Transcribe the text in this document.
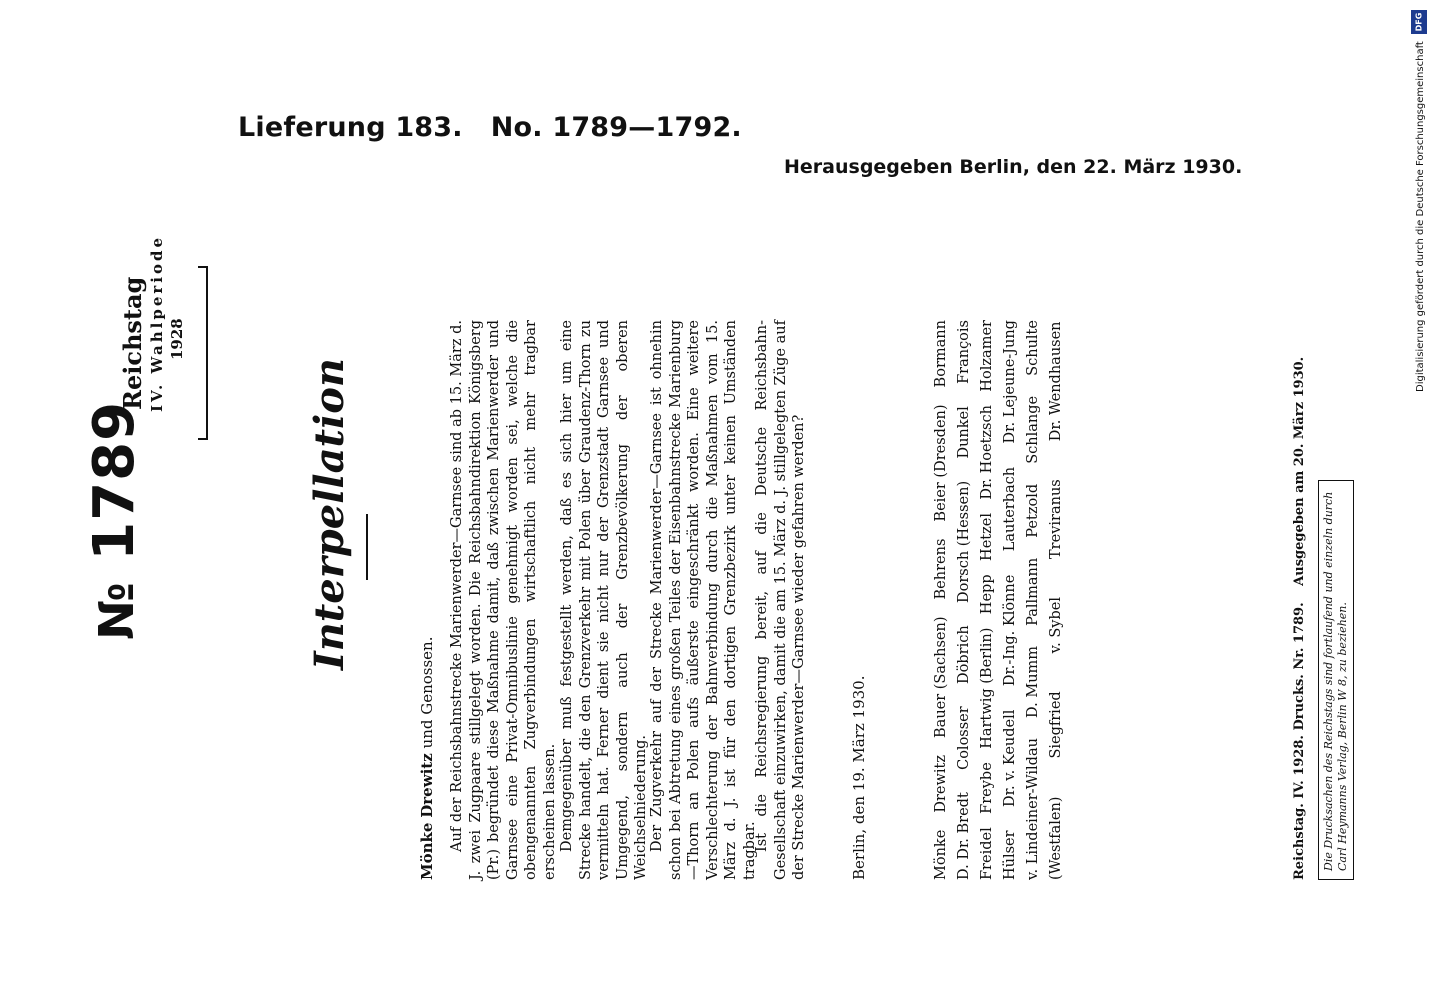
Lieferung 183. No. 1789—1792.
Herausgegeben Berlin, den 22. März 1930.
DFG
Digitalisierung gefördert durch die Deutsche Forschungsgemeinschaft
№ 1789
Reichstag IV. Wahlperiode 1928
Interpellation
Mönke Drewitz und Genossen. Auf der Reichsbahnstrecke Marienwerder—Garnsee sind ab 15. März d. J. zwei Zugpaare stillgelegt worden. Die Reichsbahndirektion Königsberg (Pr.) begründet diese Maßnahme damit, daß zwischen Marienwerder und Garnsee eine Privat-Omnibuslinie genehmigt worden sei, welche die obengenannten Zugverbindungen wirtschaftlich nicht mehr tragbar erscheinen lassen. Demgegenüber muß festgestellt werden, daß es sich hier um eine Strecke handelt, die den Grenzverkehr mit Polen über Graudenz-Thorn zu vermitteln hat. Ferner dient sie nicht nur der Grenzstadt Garnsee und Umgegend, sondern auch der Grenzbevölkerung der oberen Weichselniederung. Der Zugverkehr auf der Strecke Marienwerder—Garnsee ist ohnehin schon bei Abtretung eines großen Teiles der Eisenbahnstrecke Marienburg—Thorn an Polen aufs äußerste eingeschränkt worden. Eine weitere Verschlechterung der Bahnverbindung durch die Maßnahmen vom 15. März d. J. ist für den dortigen Grenzbezirk unter keinen Umständen tragbar.
Ist die Reichsregierung bereit, auf die Deutsche Reichsbahn-Gesellschaft einzuwirken, damit die am 15. März d. J. stillgelegten Züge auf der Strecke Marienwerder—Garnsee wieder gefahren werden?	Berlin, den 19. März 1930.	Mönke
Drewitz
Bauer (Sachsen)
Behrens
Beier (Dresden)
Bormann
D. Dr. Bredt
Colosser
Döbrich
Dorsch (Hessen)
Dunkel
François
Freidel
Freybe
Hartwig (Berlin)
Hepp
Hetzel
Dr. Hoetzsch
Holzamer
Hülser
Dr. v. Keudell
Dr.-Ing. Klönne
Lauterbach
Dr. Lejeune-Jung
v. Lindeiner-Wildau
D. Mumm
Pallmann
Petzold
Schlange
Schulte
(Westfalen)
Siegfried
v. Sybel
Treviranus
Dr. Wendhausen
Reichstag. IV. 1928. Drucks. Nr. 1789.    Ausgegeben am 20. März 1930.
Die Drucksachen des Reichstags sind fortlaufend und einzeln durch Carl Heymanns Verlag, Berlin W 8, zu beziehen.
